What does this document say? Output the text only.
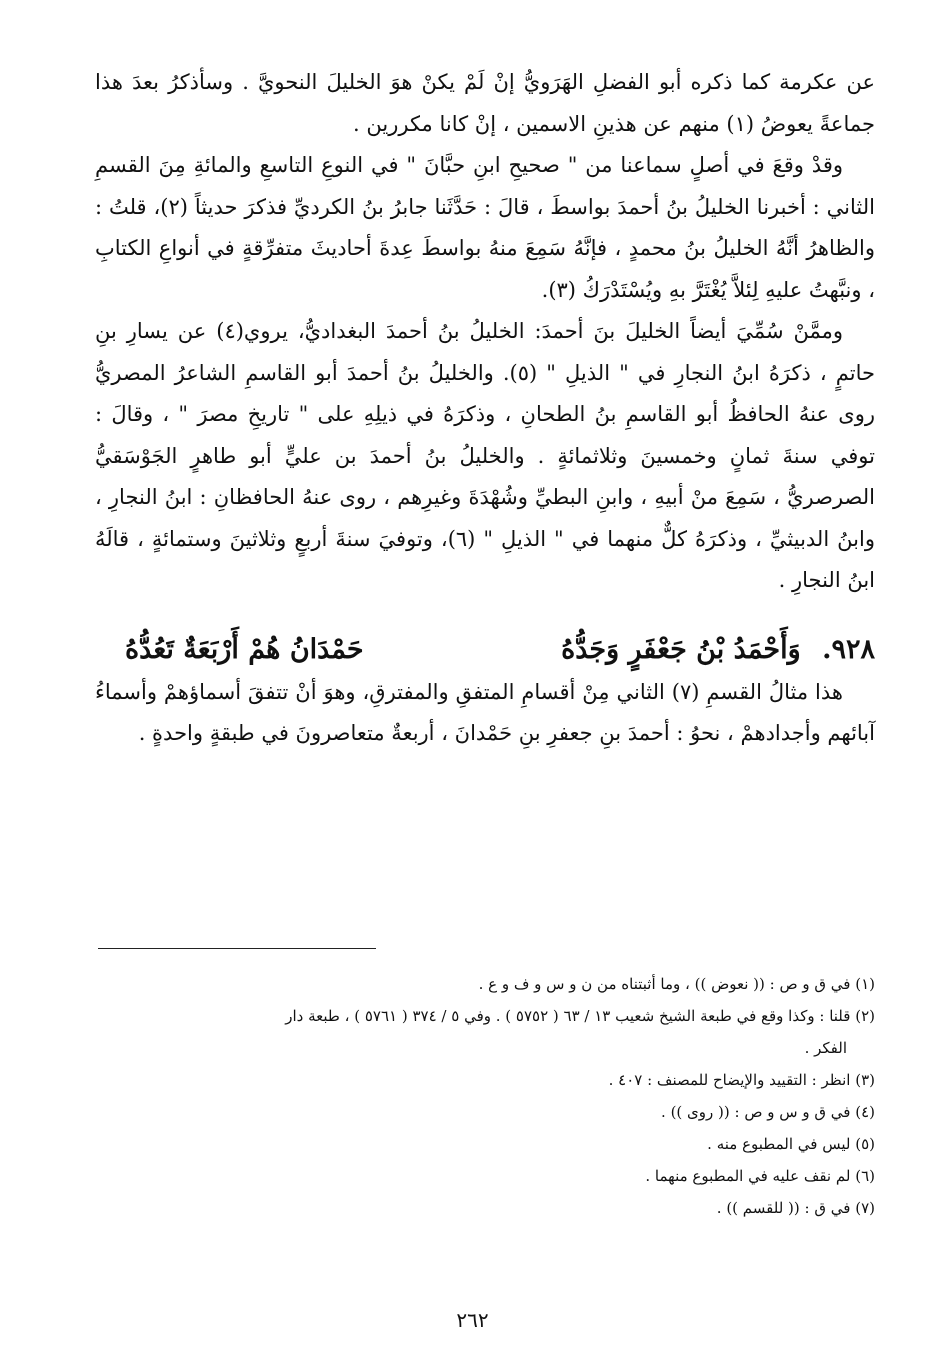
عن عكرمة كما ذكره أبو الفضلِ الهَرَويُّ إنْ لَمْ يكنْ هوَ الخليلَ النحويَّ . وسأذكرُ بعدَ هذا جماعةً يعوضُ (١) منهم عن هذينِ الاسمين ، إنْ كانا مكررين .

وقدْ وقعَ في أصلٍ سماعنا من " صحيحِ ابنِ حبَّانَ " في النوعِ التاسعِ والمائةِ مِنَ القسمِ الثاني : أخبرنا الخليلُ بنُ أحمدَ بواسطَ ، قالَ : حَدَّثَنا جابرُ بنُ الكرديِّ فذكرَ حديثاً (٢)، قلتُ : والظاهرُ أنَّهُ الخليلُ بنُ محمدٍ ، فإنَّهُ سَمِعَ منهُ بواسطَ عِدةَ أحاديثَ متفرِّقةٍ في أنواعِ الكتابِ ، ونبَّهتُ عليهِ لِئلاَّ يُغْتَرَّ بهِ ويُسْتَدْرَكُ (٣).

وممَّنْ سُمِّيَ أيضاً الخليلَ بنَ أحمدَ: الخليلُ بنُ أحمدَ البغداديُّ، يروي(٤) عن يسارِ بنِ حاتمٍ ، ذكرَهُ ابنُ النجارِ في " الذيلِ " (٥). والخليلُ بنُ أحمدَ أبو القاسمِ الشاعرُ المصريُّ روى عنهُ الحافظُ أبو القاسمِ بنُ الطحانِ ، وذكرَهُ في ذيلِهِ على " تاريخِ مصرَ " ، وقالَ : توفي سنةَ ثمانٍ وخمسينَ وثلاثمائةٍ . والخليلُ بنُ أحمدَ بن عليٍّ أبو طاهرٍ الجَوْسَقيُّ الصرصريُّ ، سَمِعَ منْ أبيهِ ، وابنِ البطيِّ وشُهْدَةَ وغيرِهم ، روى عنهُ الحافظانِ : ابنُ النجارِ ، وابنُ الدبيثيِّ ، وذكرَهُ كلٌّ منهما في " الذيلِ " (٦)، وتوفيَ سنةَ أربعٍ وثلاثينَ وستمائةٍ ، قالَهُ ابنُ النجارِ .

٩٢٨. وَأَحْمَدُ بْنُ جَعْفَرٍ وَجَدُّهُ
حَمْدَانُ هُمْ أَرْبَعَةٌ تَعُدُّهُ

هذا مثالُ القسمِ (٧) الثاني مِنْ أقسامِ المتفقِ والمفترقِ، وهوَ أنْ تتفقَ أسماؤهمْ وأسماءُ آبائهم وأجدادهمْ ، نحوُ : أحمدَ بنِ جعفرِ بنِ حَمْدانَ ، أربعةٌ متعاصرونَ في طبقةٍ واحدةٍ .

(١) في ق و ص : (( نعوض )) ، وما أثبتناه من ن و س و ف و ع .

(٢) قلنا : وكذا وقع في طبعة الشيخ شعيب ١٣ / ٦٣ ( ٥٧٥٢ ) . وفي ٥ / ٣٧٤ ( ٥٧٦١ ) ، طبعة دار
الفكر .

(٣) انظر : التقييد والإيضاح للمصنف : ٤٠٧ .

(٤) في ق و س و ص : (( روى )) .

(٥) ليس في المطبوع منه .

(٦) لم نقف عليه في المطبوع منهما .

(٧) في ق : (( للقسم )) .

٢٦٢
